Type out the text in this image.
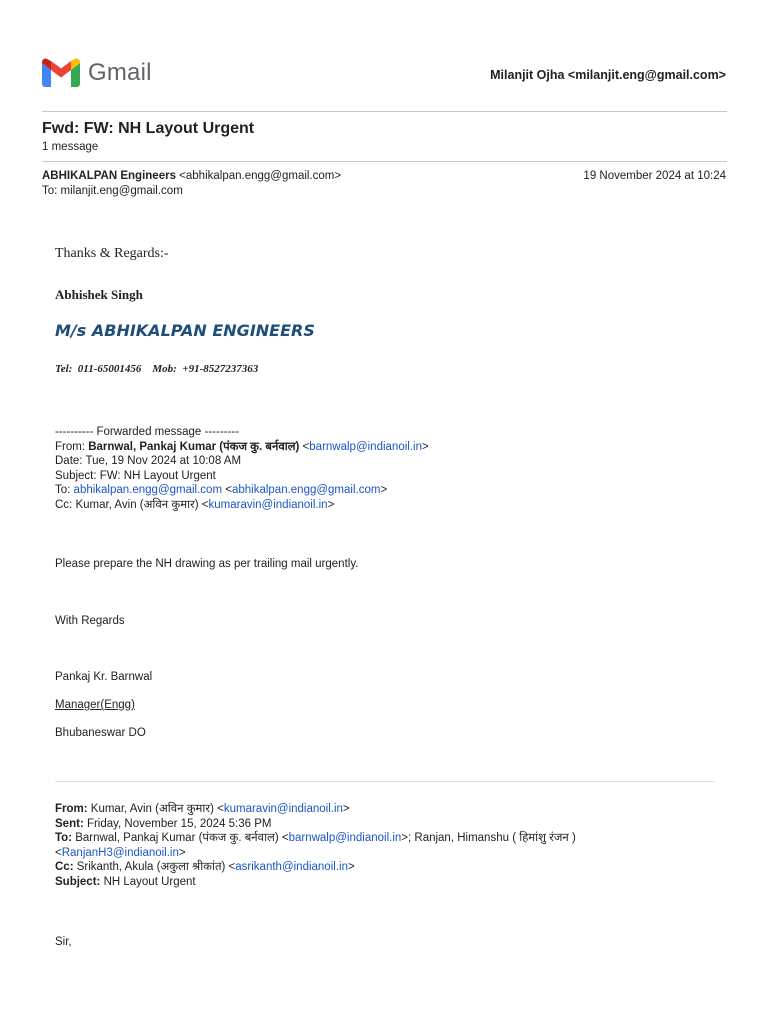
Gmail	Milanjit Ojha <milanjit.eng@gmail.com>
Fwd: FW: NH Layout Urgent
1 message
ABHIKALPAN Engineers <abhikalpan.engg@gmail.com>	19 November 2024 at 10:24
To: milanjit.eng@gmail.com
Thanks & Regards:-
Abhishek Singh
M/s ABHIKALPAN ENGINEERS
Tel:  011-65001456    Mob:  +91-8527237363
---------- Forwarded message ---------
From: Barnwal, Pankaj Kumar (पंकज कु. बर्नवाल) <barnwalp@indianoil.in>
Date: Tue, 19 Nov 2024 at 10:08 AM
Subject: FW: NH Layout Urgent
To: abhikalpan.engg@gmail.com <abhikalpan.engg@gmail.com>
Cc: Kumar, Avin (अविन कुमार) <kumaravin@indianoil.in>
Please prepare the NH drawing as per trailing mail urgently.
With Regards
Pankaj Kr. Barnwal
Manager(Engg)
Bhubaneswar DO
From: Kumar, Avin (अविन कुमार) <kumaravin@indianoil.in>
Sent: Friday, November 15, 2024 5:36 PM
To: Barnwal, Pankaj Kumar (पंकज कु. बर्नवाल) <barnwalp@indianoil.in>; Ranjan, Himanshu ( हिमांशु रंजन )
<RanjanH3@indianoil.in>
Cc: Srikanth, Akula (अकुला श्रीकांत) <asrikanth@indianoil.in>
Subject: NH Layout Urgent
Sir,
